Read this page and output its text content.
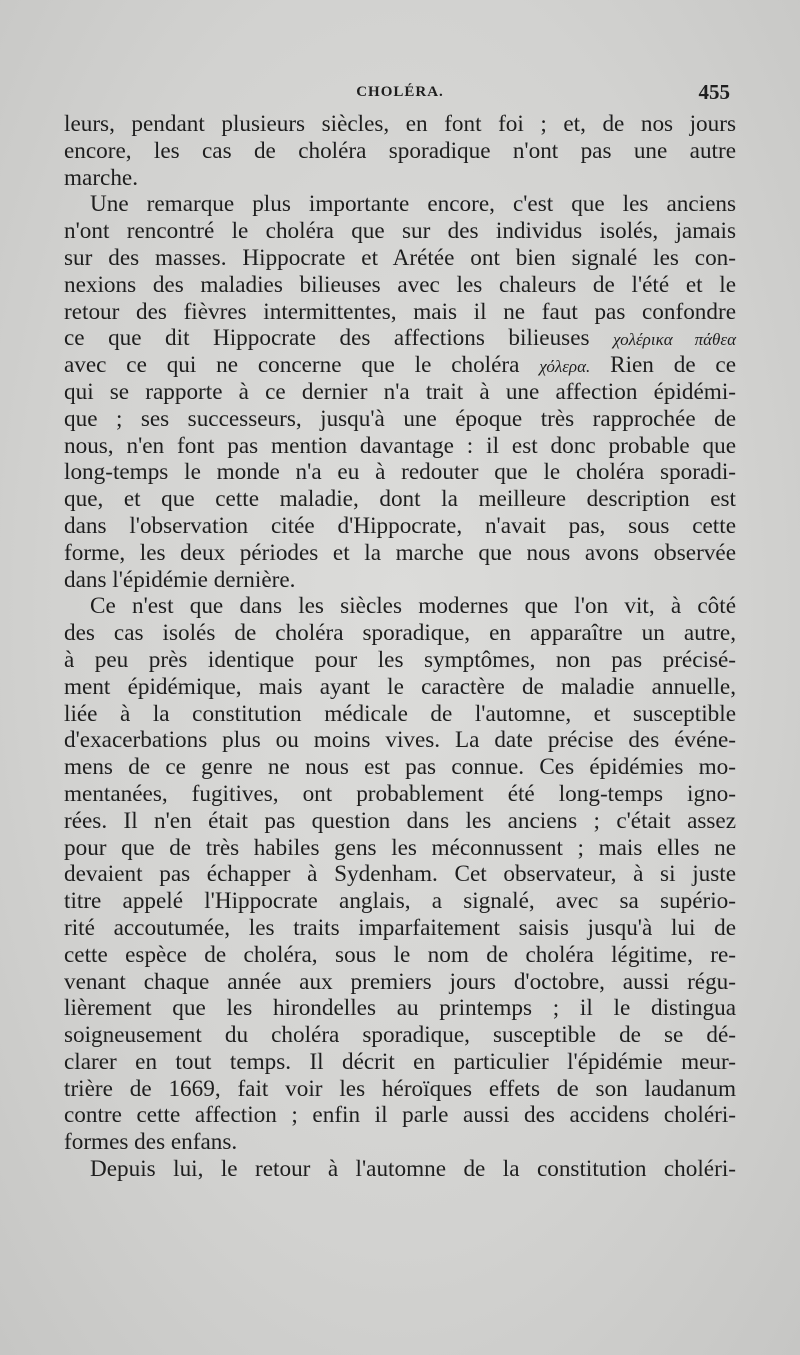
CHOLÉRA.	455
leurs, pendant plusieurs siècles, en font foi ; et, de nos jours
encore, les cas de choléra sporadique n'ont pas une autre
marche.
Une remarque plus importante encore, c'est que les anciens
n'ont rencontré le choléra que sur des individus isolés, jamais
sur des masses. Hippocrate et Arétée ont bien signalé les con-
nexions des maladies bilieuses avec les chaleurs de l'été et le
retour des fièvres intermittentes, mais il ne faut pas confondre
ce que dit Hippocrate des affections bilieuses χολέρικα πάθεα
avec ce qui ne concerne que le choléra χόλερα. Rien de ce
qui se rapporte à ce dernier n'a trait à une affection épidémi-
que ; ses successeurs, jusqu'à une époque très rapprochée de
nous, n'en font pas mention davantage : il est donc probable que
long-temps le monde n'a eu à redouter que le choléra sporadi-
que, et que cette maladie, dont la meilleure description est
dans l'observation citée d'Hippocrate, n'avait pas, sous cette
forme, les deux périodes et la marche que nous avons observée
dans l'épidémie dernière.
Ce n'est que dans les siècles modernes que l'on vit, à côté
des cas isolés de choléra sporadique, en apparaître un autre,
à peu près identique pour les symptômes, non pas précisé-
ment épidémique, mais ayant le caractère de maladie annuelle,
liée à la constitution médicale de l'automne, et susceptible
d'exacerbations plus ou moins vives. La date précise des événe-
mens de ce genre ne nous est pas connue. Ces épidémies mo-
mentanées, fugitives, ont probablement été long-temps igno-
rées. Il n'en était pas question dans les anciens ; c'était assez
pour que de très habiles gens les méconnussent ; mais elles ne
devaient pas échapper à Sydenham. Cet observateur, à si juste
titre appelé l'Hippocrate anglais, a signalé, avec sa supério-
rité accoutumée, les traits imparfaitement saisis jusqu'à lui de
cette espèce de choléra, sous le nom de choléra légitime, re-
venant chaque année aux premiers jours d'octobre, aussi régu-
lièrement que les hirondelles au printemps ; il le distingua
soigneusement du choléra sporadique, susceptible de se dé-
clarer en tout temps. Il décrit en particulier l'épidémie meur-
trière de 1669, fait voir les héroïques effets de son laudanum
contre cette affection ; enfin il parle aussi des accidens choléri-
formes des enfans.
Depuis lui, le retour à l'automne de la constitution choléri-
